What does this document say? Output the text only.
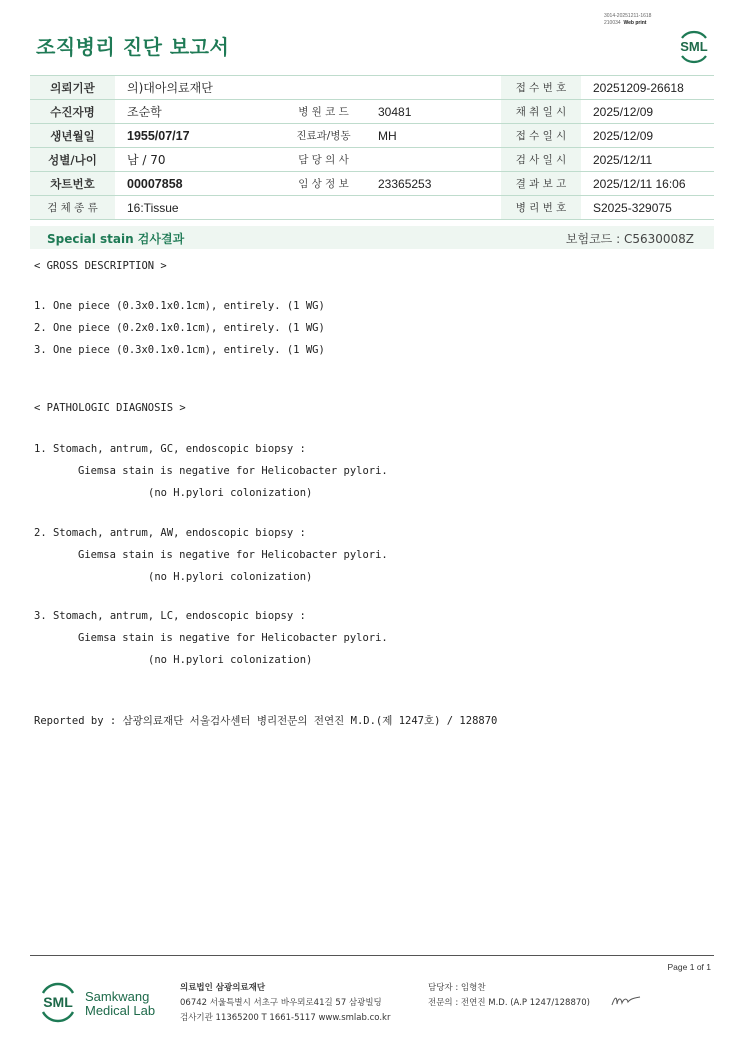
3014-20251211-1618
210034 Web print
조직병리 진단 보고서	SML
의뢰기관	의)대아의료재단			접 수 번 호	20251209-26618
수진자명	조순학	병 원 코 드	30481	채 취 일 시	2025/12/09
생년월일	1955/07/17	진료과/병동	MH	접 수 일 시	2025/12/09
성별/나이	남 / 70	담 당 의 사		검 사 일 시	2025/12/11
차트번호	00007858	임 상 정 보	23365253	결 과 보 고	2025/12/11 16:06
검 체 종 류	16:Tissue			병 리 번 호	S2025-329075
Special stain 검사결과	보험코드 : C5630008Z

< GROSS DESCRIPTION >

1. One piece (0.3x0.1x0.1cm), entirely. (1 WG)

2. One piece (0.2x0.1x0.1cm), entirely. (1 WG)

3. One piece (0.3x0.1x0.1cm), entirely. (1 WG)

< PATHOLOGIC DIAGNOSIS >

1. Stomach, antrum, GC, endoscopic biopsy :

Giemsa stain is negative for Helicobacter pylori.

(no H.pylori colonization)

2. Stomach, antrum, AW, endoscopic biopsy :

Giemsa stain is negative for Helicobacter pylori.

(no H.pylori colonization)

3. Stomach, antrum, LC, endoscopic biopsy :

Giemsa stain is negative for Helicobacter pylori.

(no H.pylori colonization)

Reported by : 삼광의료재단 서울검사센터 병리전문의 전연진 M.D.(제 1247호) / 128870

Page 1 of 1
SML Samkwang
Medical Lab
의료법인 삼광의료재단
06742 서울특별시 서초구 바우뫼로41길 57 삼광빌딩
검사기관 11365200 T 1661-5117 www.smlab.co.kr
담당자 : 임형찬
전문의 : 전연진 M.D. (A.P 1247/128870)
